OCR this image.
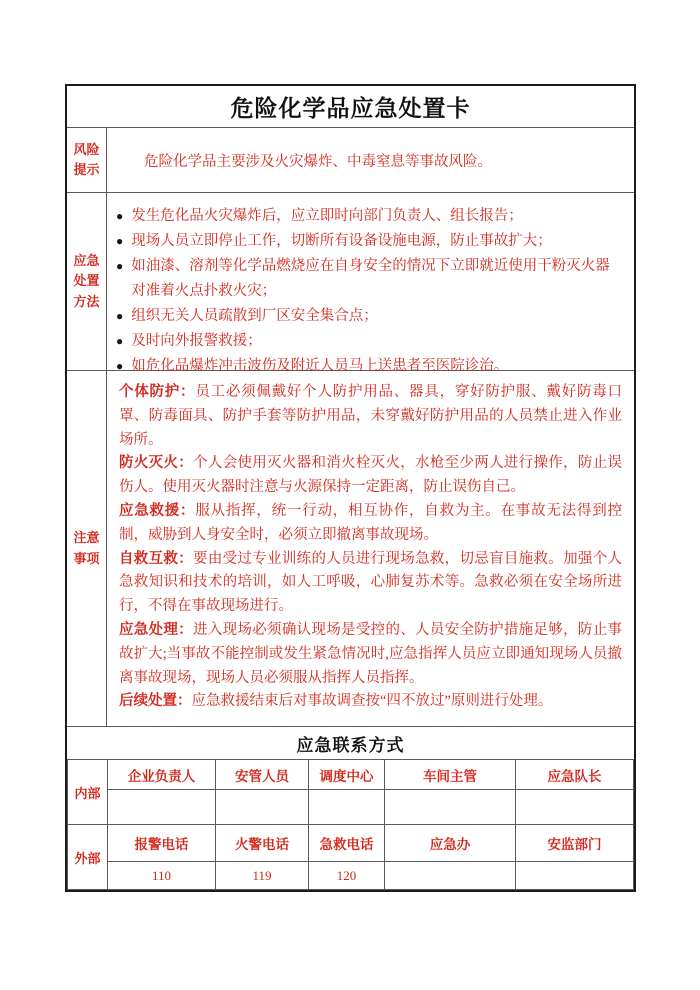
危险化学品应急处置卡
风险提示	危险化学品主要涉及火灾爆炸、中毒窒息等事故风险。
应急处置方法
● 发生危化品火灾爆炸后，应立即时向部门负责人、组长报告；
● 现场人员立即停止工作，切断所有设备设施电源，防止事故扩大；
● 如油漆、溶剂等化学品燃烧应在自身安全的情况下立即就近使用干粉灭火器对准着火点扑救火灾；
● 组织无关人员疏散到厂区安全集合点；
● 及时向外报警救援；
● 如危化品爆炸冲击波伤及附近人员马上送患者至医院诊治。
注意事项

个体防护：员工必须佩戴好个人防护用品、器具，穿好防护服、戴好防毒口罩、防毒面具、防护手套等防护用品，未穿戴好防护用品的人员禁止进入作业场所。

防火灭火：个人会使用灭火器和消火栓灭火，水枪至少两人进行操作，防止误伤人。使用灭火器时注意与火源保持一定距离，防止误伤自己。

应急救援：服从指挥，统一行动，相互协作，自救为主。在事故无法得到控制，威胁到人身安全时，必须立即撤离事故现场。

自救互救：要由受过专业训练的人员进行现场急救，切忌盲目施救。加强个人急救知识和技术的培训，如人工呼吸，心肺复苏术等。急救必须在安全场所进行，不得在事故现场进行。

应急处理：进入现场必须确认现场是受控的、人员安全防护措施足够，防止事故扩大;当事故不能控制或发生紧急情况时,应急指挥人员应立即通知现场人员撤离事故现场，现场人员必须服从指挥人员指挥。

后续处置：应急救援结束后对事故调查按“四不放过”原则进行处理。

应急联系方式
内部	企业负责人	安管人员	调度中心	车间主管	应急队长

外部	报警电话	火警电话	急救电话	应急办	安监部门
	110	119	120		
